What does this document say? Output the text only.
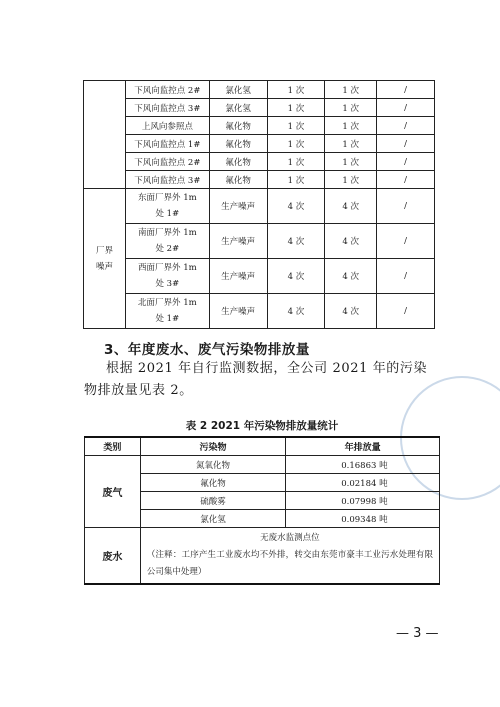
	下风向监控点 2#	氯化氢	1 次	1 次	/
	下风向监控点 3#	氯化氢	1 次	1 次	/
	上风向参照点	氟化物	1 次	1 次	/
	下风向监控点 1#	氟化物	1 次	1 次	/
	下风向监控点 2#	氟化物	1 次	1 次	/
	下风向监控点 3#	氟化物	1 次	1 次	/
厂界噪声	东面厂界外 1m 处 1#	生产噪声	4 次	4 次	/
	南面厂界外 1m 处 2#	生产噪声	4 次	4 次	/
	西面厂界外 1m 处 3#	生产噪声	4 次	4 次	/
	北面厂界外 1m 处 1#	生产噪声	4 次	4 次	/
3、年度废水、废气污染物排放量
根据 2021 年自行监测数据，全公司 2021 年的污染物排放量见表 2。
表 2 2021 年污染物排放量统计
类别	污染物	年排放量
废气	氮氧化物	0.16863 吨
	氟化物	0.02184 吨
	硫酸雾	0.07998 吨
	氯化氢	0.09348 吨
废水	无废水监测点位
（注释：工序产生工业废水均不外排，转交由东莞市豪丰工业污水处理有限公司集中处理）	
— 3 —
